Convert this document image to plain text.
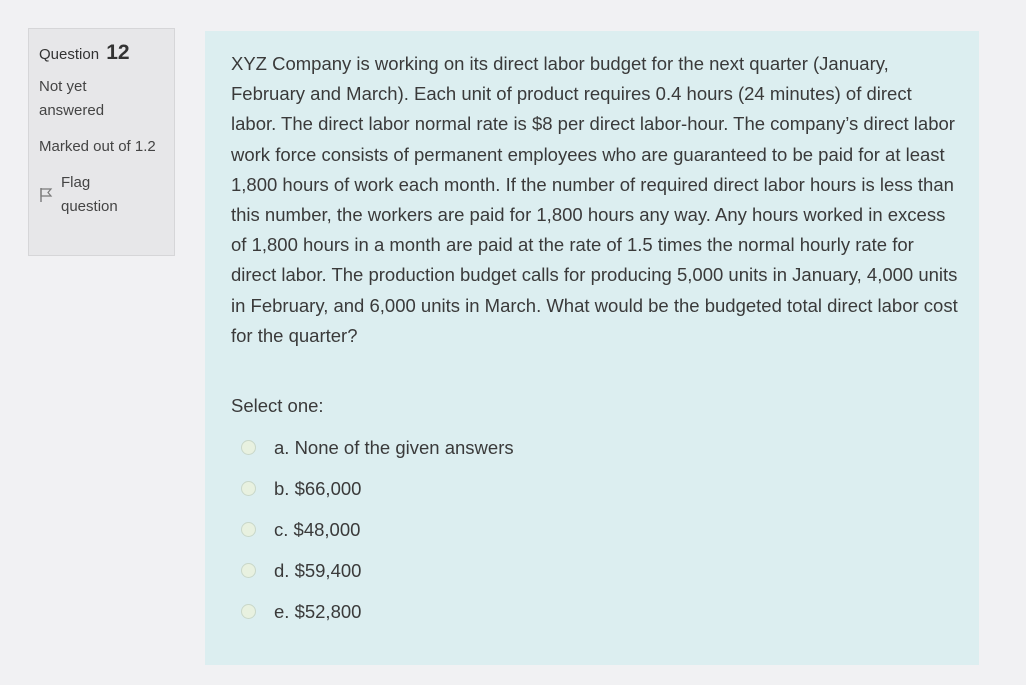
Question 12
Not yet answered
Marked out of 1.2
Flag question

XYZ Company is working on its direct labor budget for the next quarter (January, February and March). Each unit of product requires 0.4 hours (24 minutes) of direct labor. The direct labor normal rate is $8 per direct labor-hour. The company’s direct labor work force consists of permanent employees who are guaranteed to be paid for at least 1,800 hours of work each month. If the number of required direct labor hours is less than this number, the workers are paid for 1,800 hours any way. Any hours worked in excess of 1,800 hours in a month are paid at the rate of 1.5 times the normal hourly rate for direct labor. The production budget calls for producing 5,000 units in January, 4,000 units in February, and 6,000 units in March. What would be the budgeted total direct labor cost for the quarter?

Select one:
a. None of the given answers
b. $66,000
c. $48,000
d. $59,400
e. $52,800
